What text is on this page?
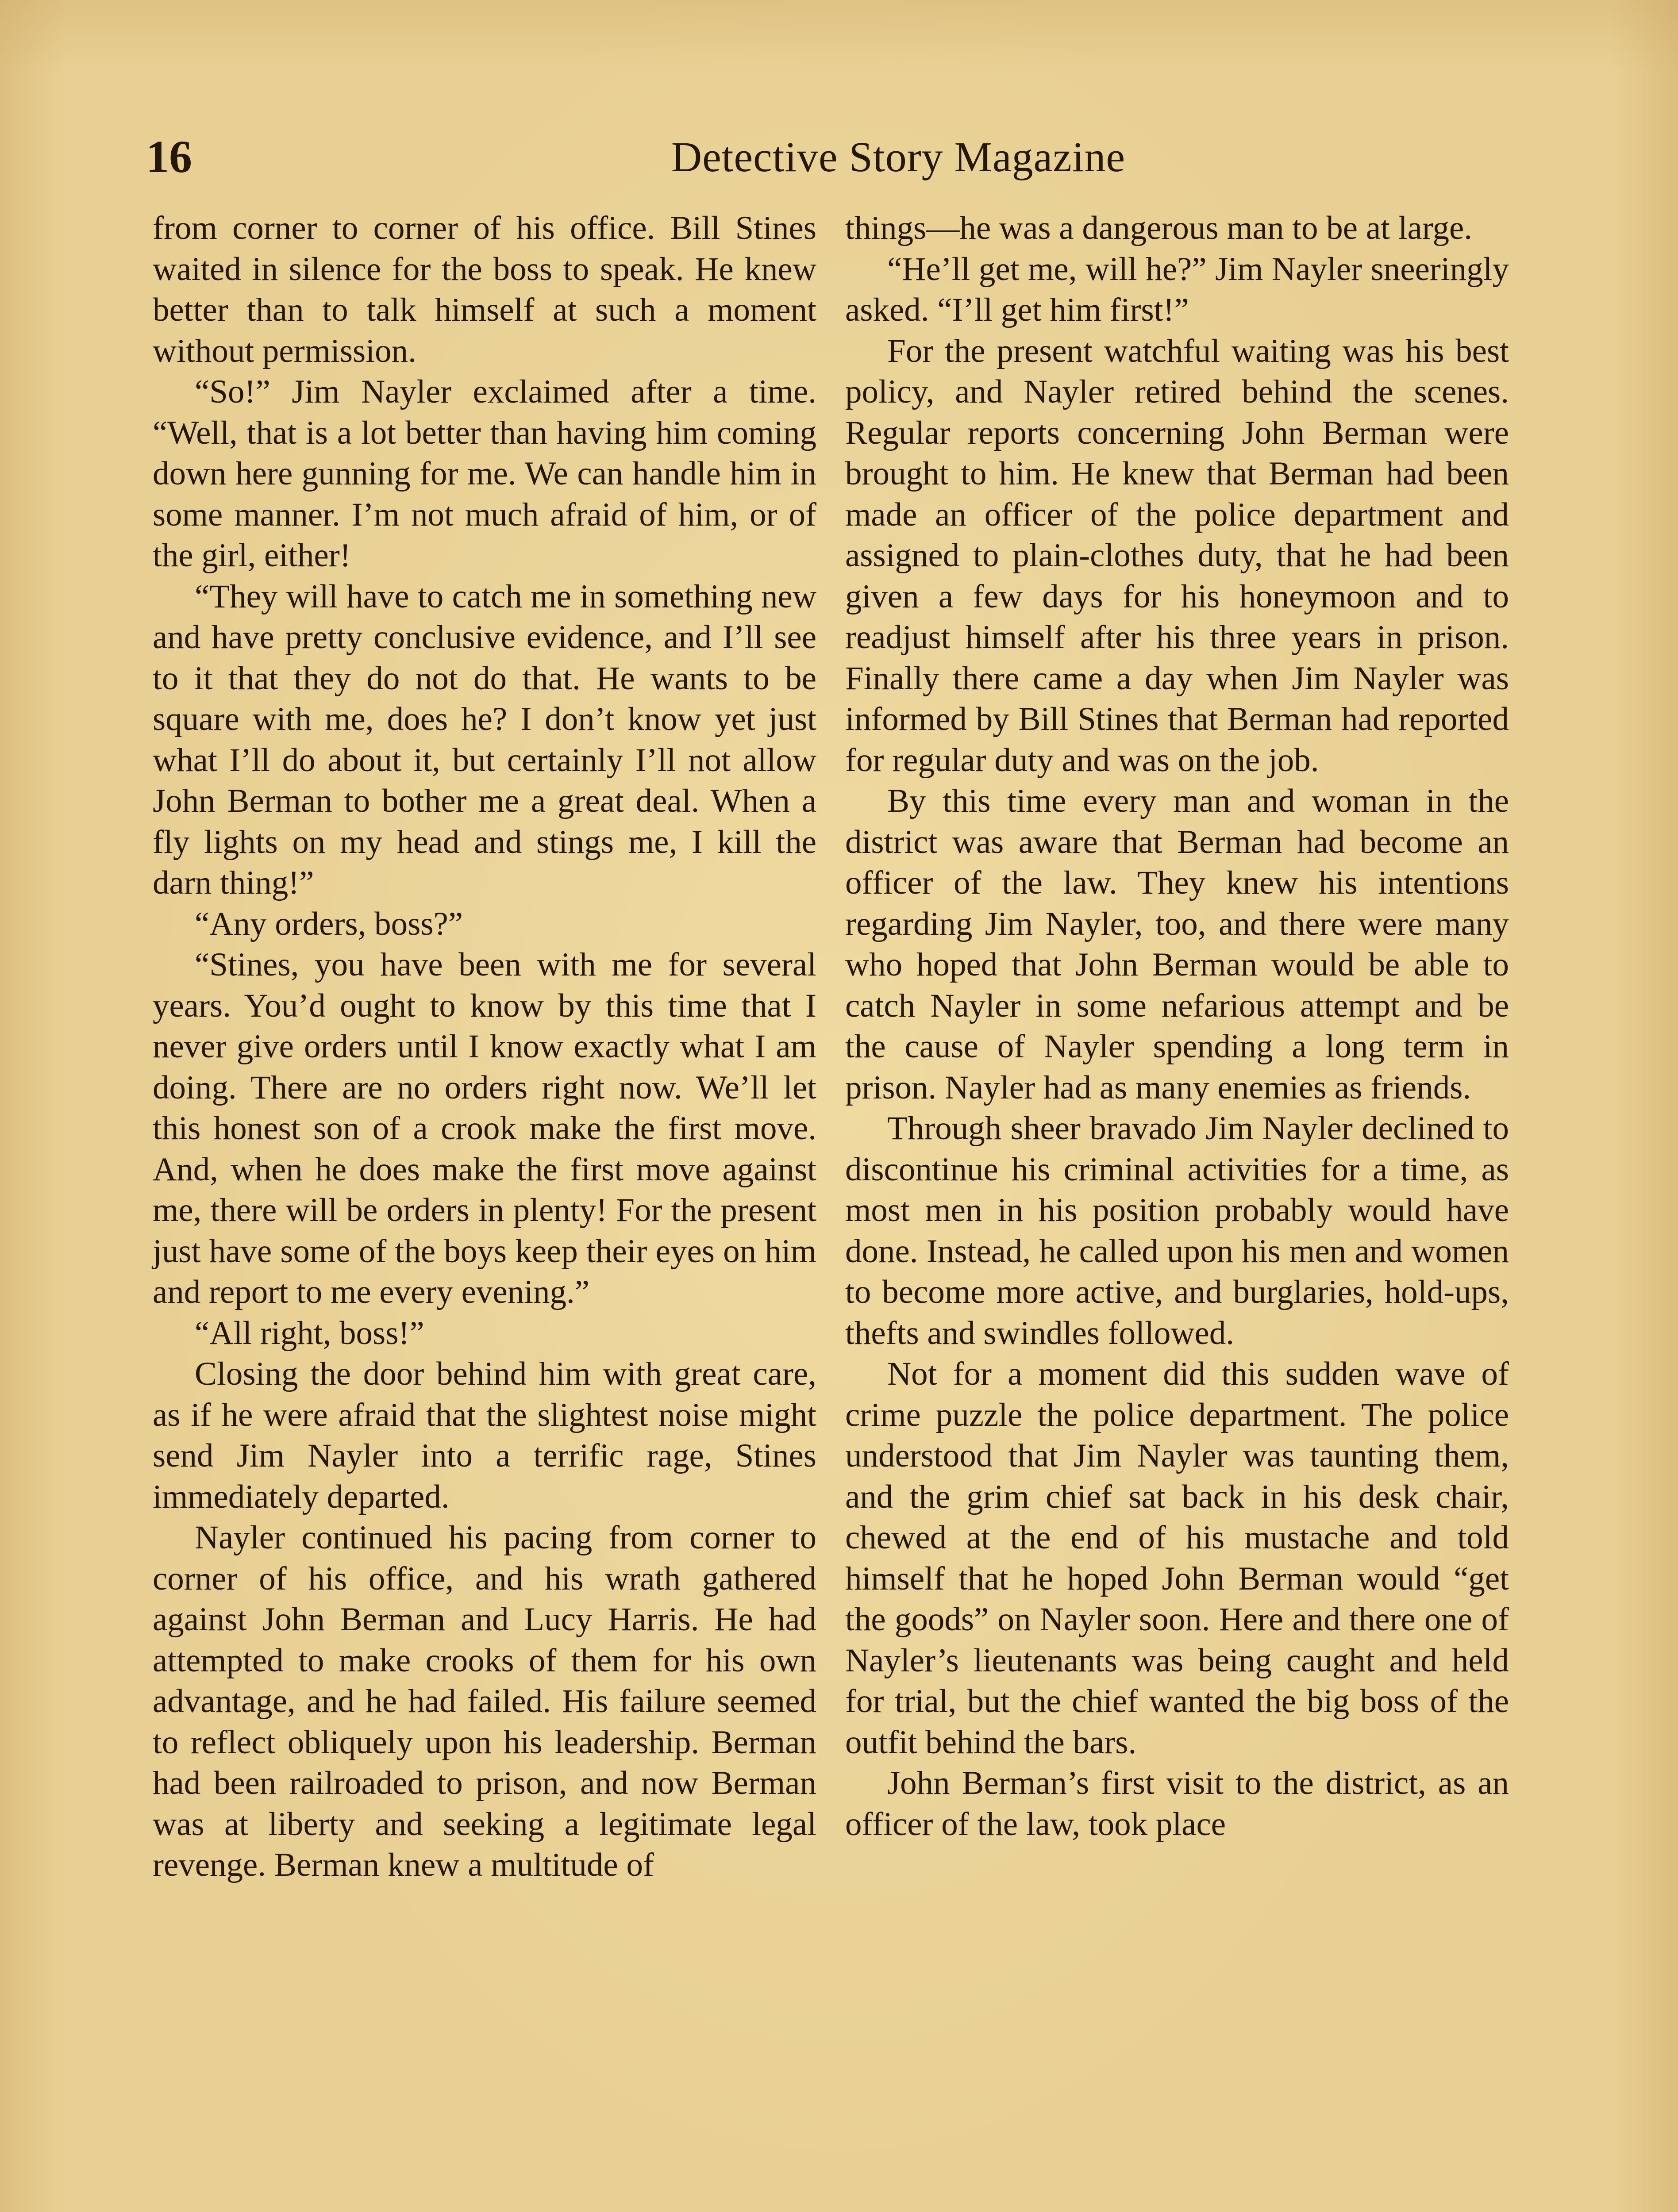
16	Detective Story Magazine

from corner to corner of his office. Bill Stines waited in silence for the boss to speak. He knew better than to talk himself at such a moment without permission.

“So!” Jim Nayler exclaimed after a time. “Well, that is a lot better than having him coming down here gunning for me. We can handle him in some manner. I’m not much afraid of him, or of the girl, either!

“They will have to catch me in something new and have pretty conclusive evidence, and I’ll see to it that they do not do that. He wants to be square with me, does he? I don’t know yet just what I’ll do about it, but certainly I’ll not allow John Berman to bother me a great deal. When a fly lights on my head and stings me, I kill the darn thing!”

“Any orders, boss?”

“Stines, you have been with me for several years. You’d ought to know by this time that I never give orders until I know exactly what I am doing. There are no orders right now. We’ll let this honest son of a crook make the first move. And, when he does make the first move against me, there will be orders in plenty! For the present just have some of the boys keep their eyes on him and report to me every evening.”

“All right, boss!”

Closing the door behind him with great care, as if he were afraid that the slightest noise might send Jim Nayler into a terrific rage, Stines immediately departed.

Nayler continued his pacing from corner to corner of his office, and his wrath gathered against John Berman and Lucy Harris. He had attempted to make crooks of them for his own advantage, and he had failed. His failure seemed to reflect obliquely upon his leadership. Berman had been railroaded to prison, and now Berman was at liberty and seeking a legitimate legal revenge. Berman knew a multitude of

things—he was a dangerous man to be at large.

“He’ll get me, will he?” Jim Nayler sneeringly asked. “I’ll get him first!”

For the present watchful waiting was his best policy, and Nayler retired behind the scenes. Regular reports concerning John Berman were brought to him. He knew that Berman had been made an officer of the police department and assigned to plain-clothes duty, that he had been given a few days for his honeymoon and to readjust himself after his three years in prison. Finally there came a day when Jim Nayler was informed by Bill Stines that Berman had reported for regular duty and was on the job.

By this time every man and woman in the district was aware that Berman had become an officer of the law. They knew his intentions regarding Jim Nayler, too, and there were many who hoped that John Berman would be able to catch Nayler in some nefarious attempt and be the cause of Nayler spending a long term in prison. Nayler had as many enemies as friends.

Through sheer bravado Jim Nayler declined to discontinue his criminal activities for a time, as most men in his position probably would have done. Instead, he called upon his men and women to become more active, and burglaries, hold-ups, thefts and swindles followed.

Not for a moment did this sudden wave of crime puzzle the police department. The police understood that Jim Nayler was taunting them, and the grim chief sat back in his desk chair, chewed at the end of his mustache and told himself that he hoped John Berman would “get the goods” on Nayler soon. Here and there one of Nayler’s lieutenants was being caught and held for trial, but the chief wanted the big boss of the outfit behind the bars.

John Berman’s first visit to the district, as an officer of the law, took place
